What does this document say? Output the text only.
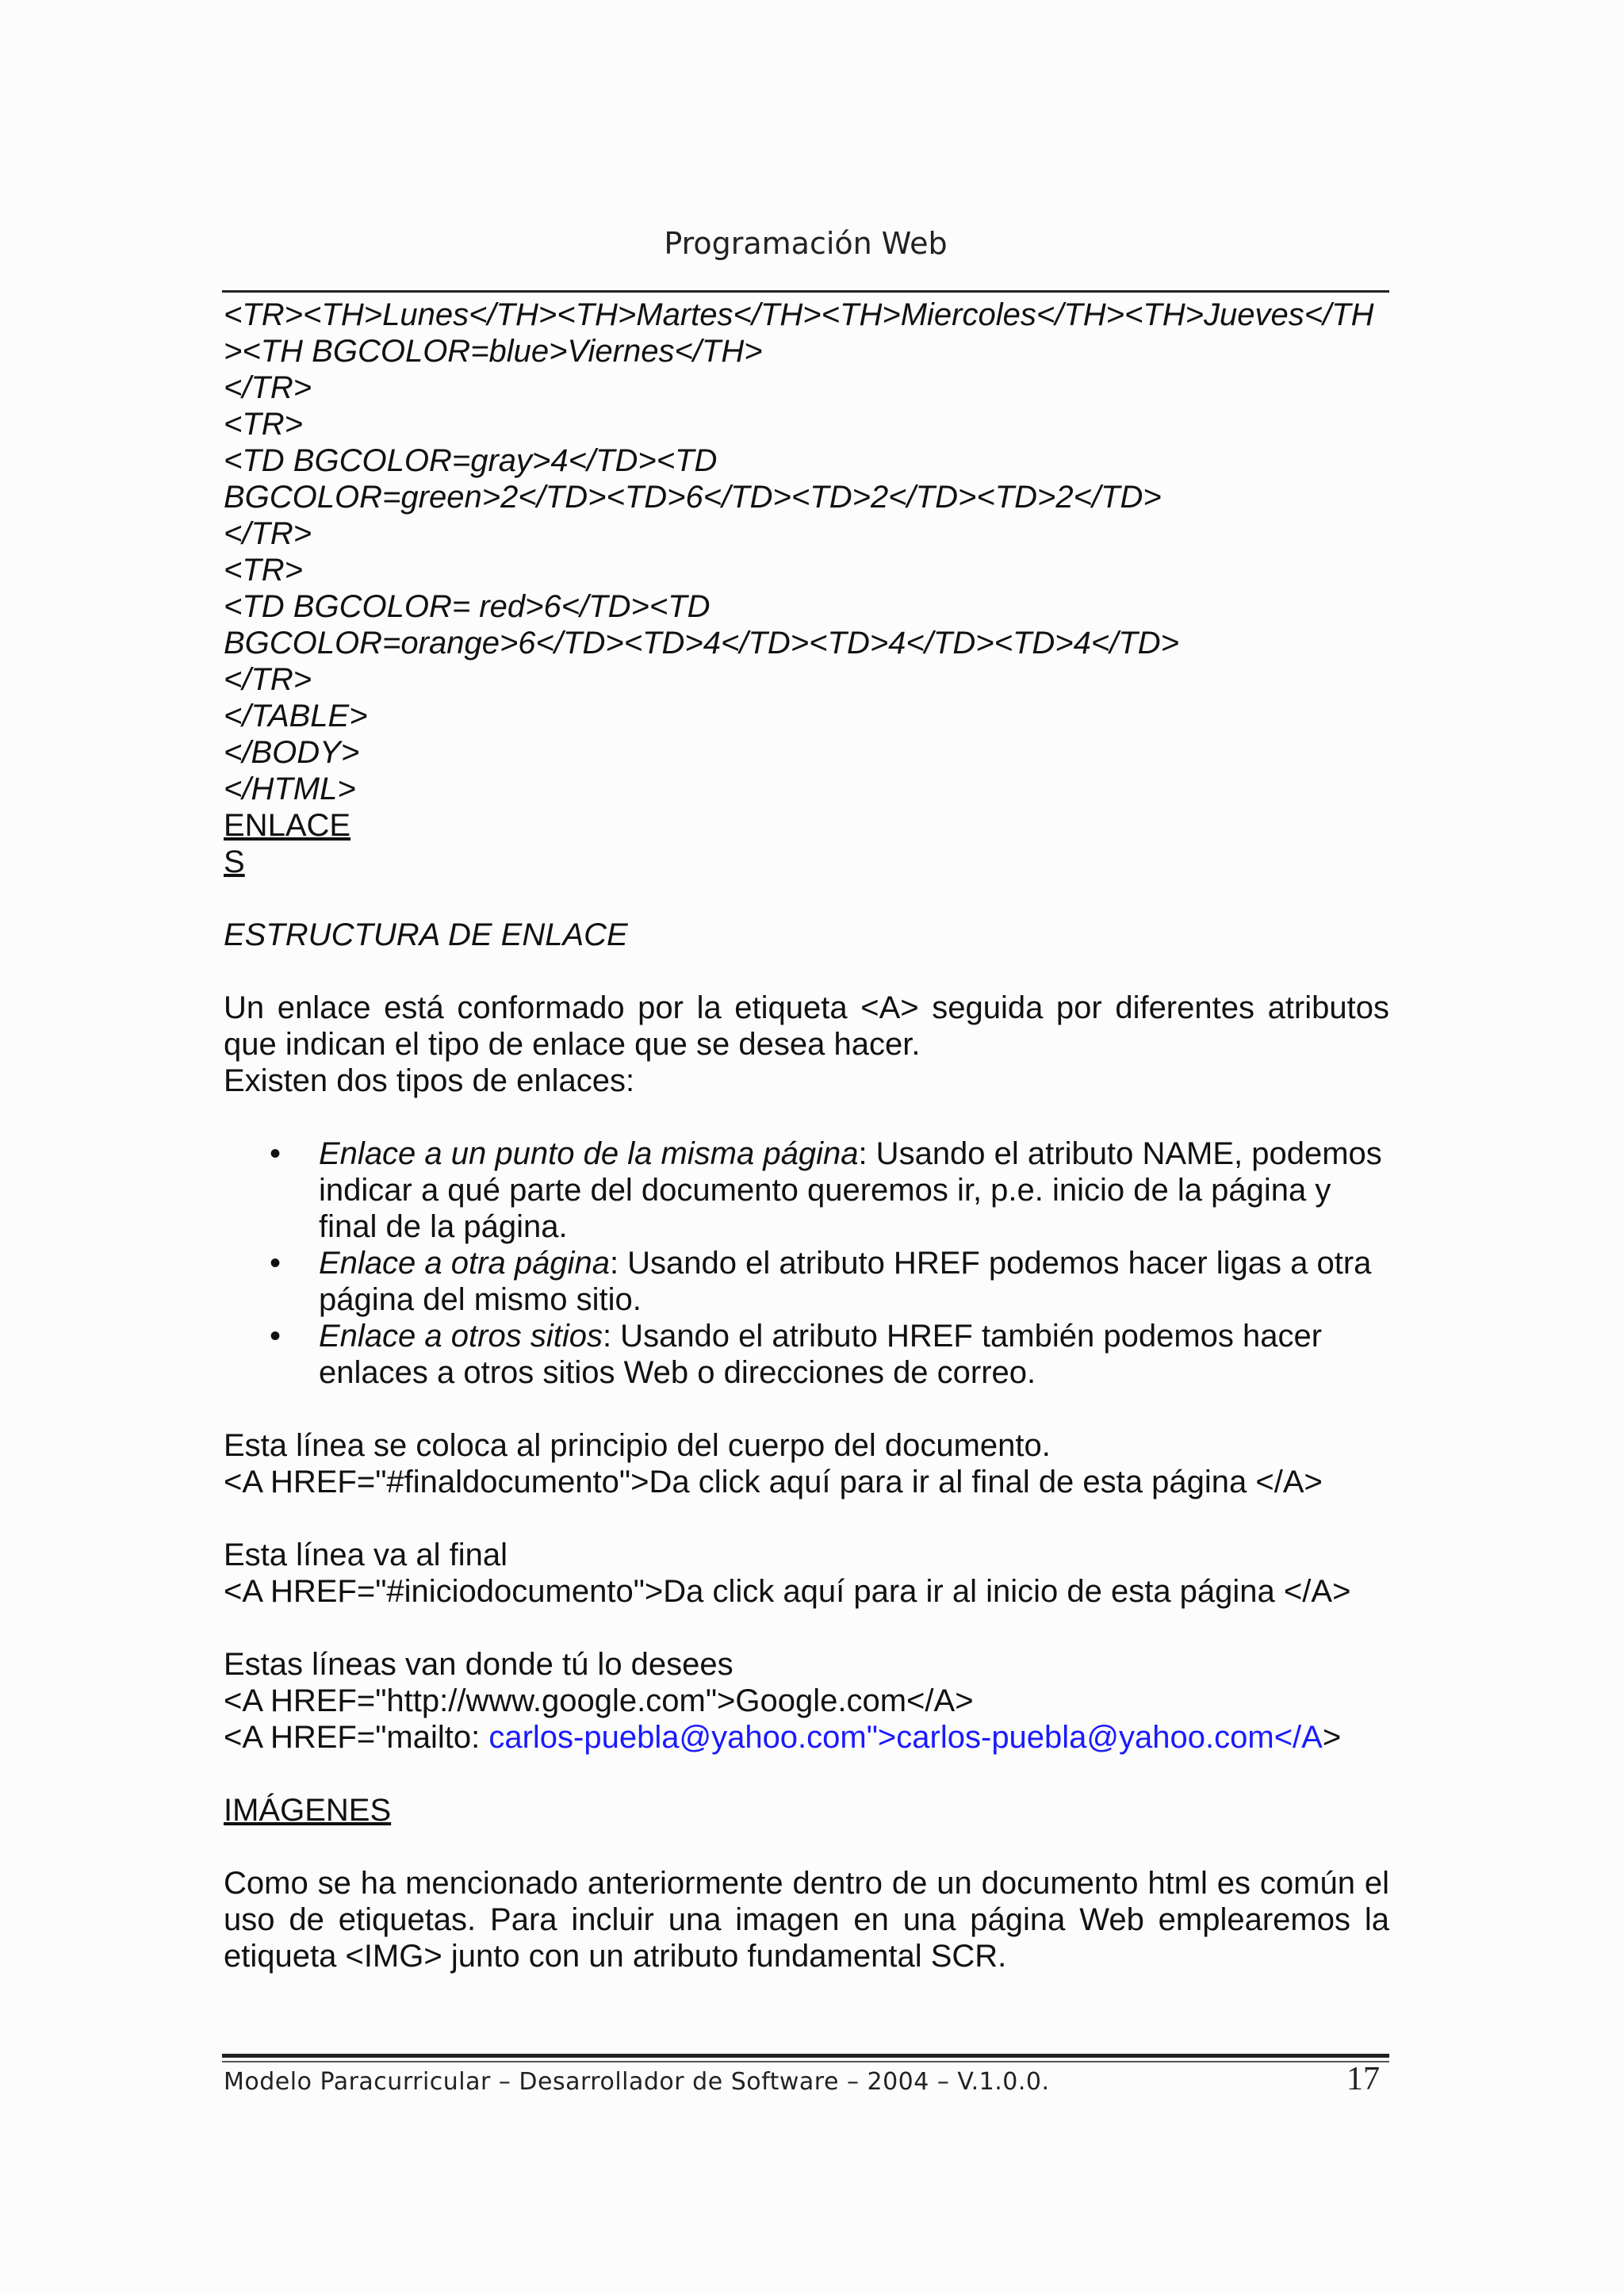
Programación Web
<TR><TH>Lunes</TH><TH>Martes</TH><TH>Miercoles</TH><TH>Jueves</TH
><TH BGCOLOR=blue>Viernes</TH>
</TR>
<TR>
<TD BGCOLOR=gray>4</TD><TD
BGCOLOR=green>2</TD><TD>6</TD><TD>2</TD><TD>2</TD>
</TR>
<TR>
<TD BGCOLOR= red>6</TD><TD
BGCOLOR=orange>6</TD><TD>4</TD><TD>4</TD><TD>4</TD>
</TR>
</TABLE>
</BODY>
</HTML>
ENLACE
S
ESTRUCTURA DE ENLACE
Un enlace está conformado por la etiqueta <A> seguida por diferentes atributos que indican el tipo de enlace que se desea hacer.
Existen dos tipos de enlaces:
• Enlace a un punto de la misma página: Usando el atributo NAME, podemos indicar a qué parte del documento queremos ir, p.e. inicio de la página y final de la página.
• Enlace a otra página: Usando el atributo HREF podemos hacer ligas a otra página del mismo sitio.
• Enlace a otros sitios: Usando el atributo HREF también podemos hacer enlaces a otros sitios Web o direcciones de correo.
Esta línea se coloca al principio del cuerpo del documento.
<A HREF="#finaldocumento">Da click aquí para ir al final de esta página </A>
Esta línea va al final
<A HREF="#iniciodocumento">Da click aquí para ir al inicio de esta página </A>
Estas líneas van donde tú lo desees
<A HREF="http://www.google.com">Google.com</A>
<A HREF="mailto: carlos-puebla@yahoo.com">carlos-puebla@yahoo.com</A>
IMÁGENES
Como se ha mencionado anteriormente dentro de un documento html es común el uso de etiquetas. Para incluir una imagen en una página Web emplearemos la etiqueta <IMG> junto con un atributo fundamental SCR.
Modelo Paracurricular – Desarrollador de Software – 2004 – V.1.0.0.	17
